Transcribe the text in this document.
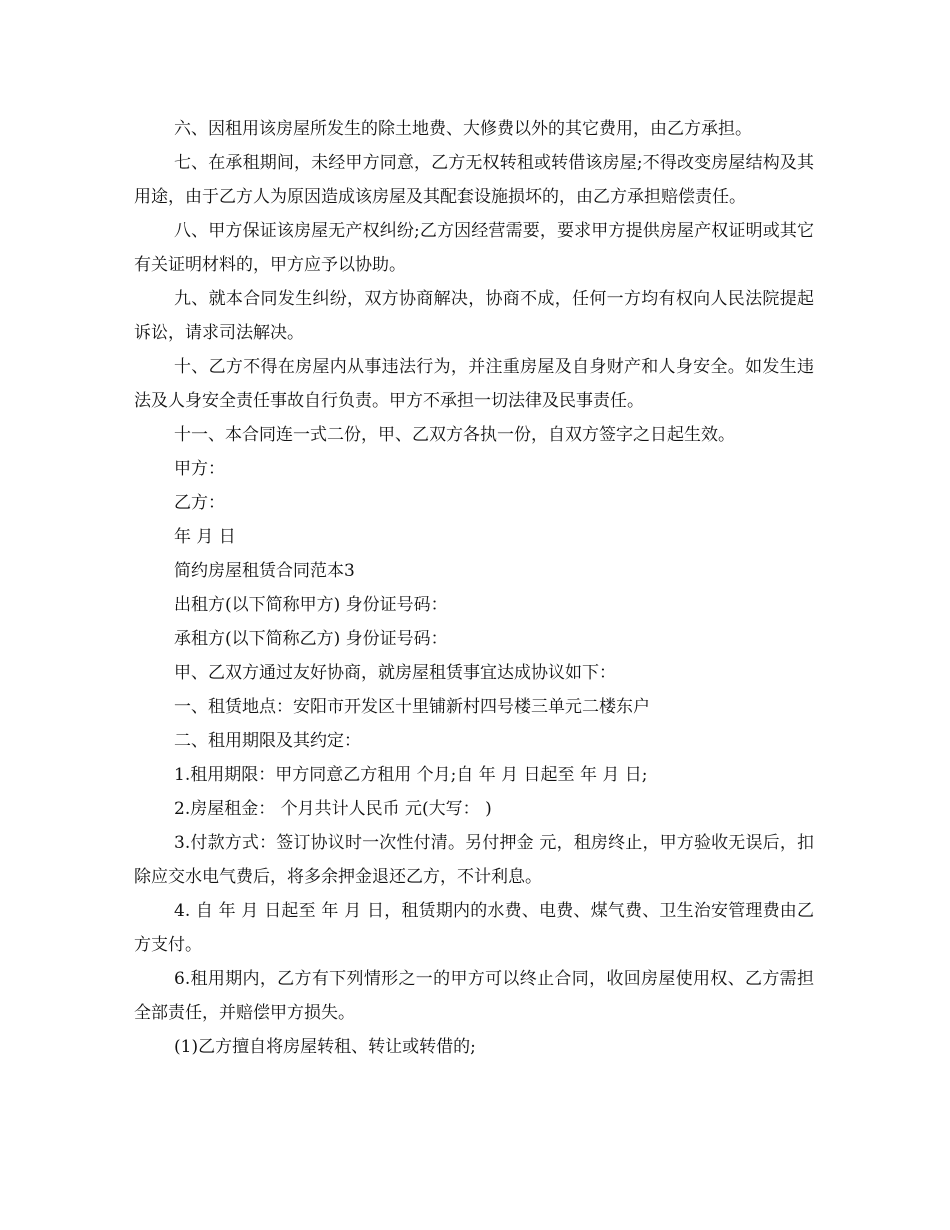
六、因租用该房屋所发生的除土地费、大修费以外的其它费用，由乙方承担。

七、在承租期间，未经甲方同意，乙方无权转租或转借该房屋;不得改变房屋结构及其用途，由于乙方人为原因造成该房屋及其配套设施损坏的，由乙方承担赔偿责任。

八、甲方保证该房屋无产权纠纷;乙方因经营需要，要求甲方提供房屋产权证明或其它有关证明材料的，甲方应予以协助。

九、就本合同发生纠纷，双方协商解决，协商不成，任何一方均有权向人民法院提起诉讼，请求司法解决。

十、乙方不得在房屋内从事违法行为，并注重房屋及自身财产和人身安全。如发生违法及人身安全责任事故自行负责。甲方不承担一切法律及民事责任。

十一、本合同连一式二份，甲、乙双方各执一份，自双方签字之日起生效。

甲方：

乙方：

年 月 日

简约房屋租赁合同范本3

出租方(以下简称甲方) 身份证号码：

承租方(以下简称乙方) 身份证号码：

甲、乙双方通过友好协商，就房屋租赁事宜达成协议如下：

一、租赁地点：安阳市开发区十里铺新村四号楼三单元二楼东户

二、租用期限及其约定：

1.租用期限：甲方同意乙方租用 个月;自 年 月 日起至 年 月 日;

2.房屋租金： 个月共计人民币 元(大写： )

3.付款方式：签订协议时一次性付清。另付押金 元，租房终止，甲方验收无误后，扣除应交水电气费后，将多余押金退还乙方，不计利息。

4. 自 年 月 日起至 年 月 日，租赁期内的水费、电费、煤气费、卫生治安管理费由乙方支付。

6.租用期内，乙方有下列情形之一的甲方可以终止合同，收回房屋使用权、乙方需担全部责任，并赔偿甲方损失。

(1)乙方擅自将房屋转租、转让或转借的;
